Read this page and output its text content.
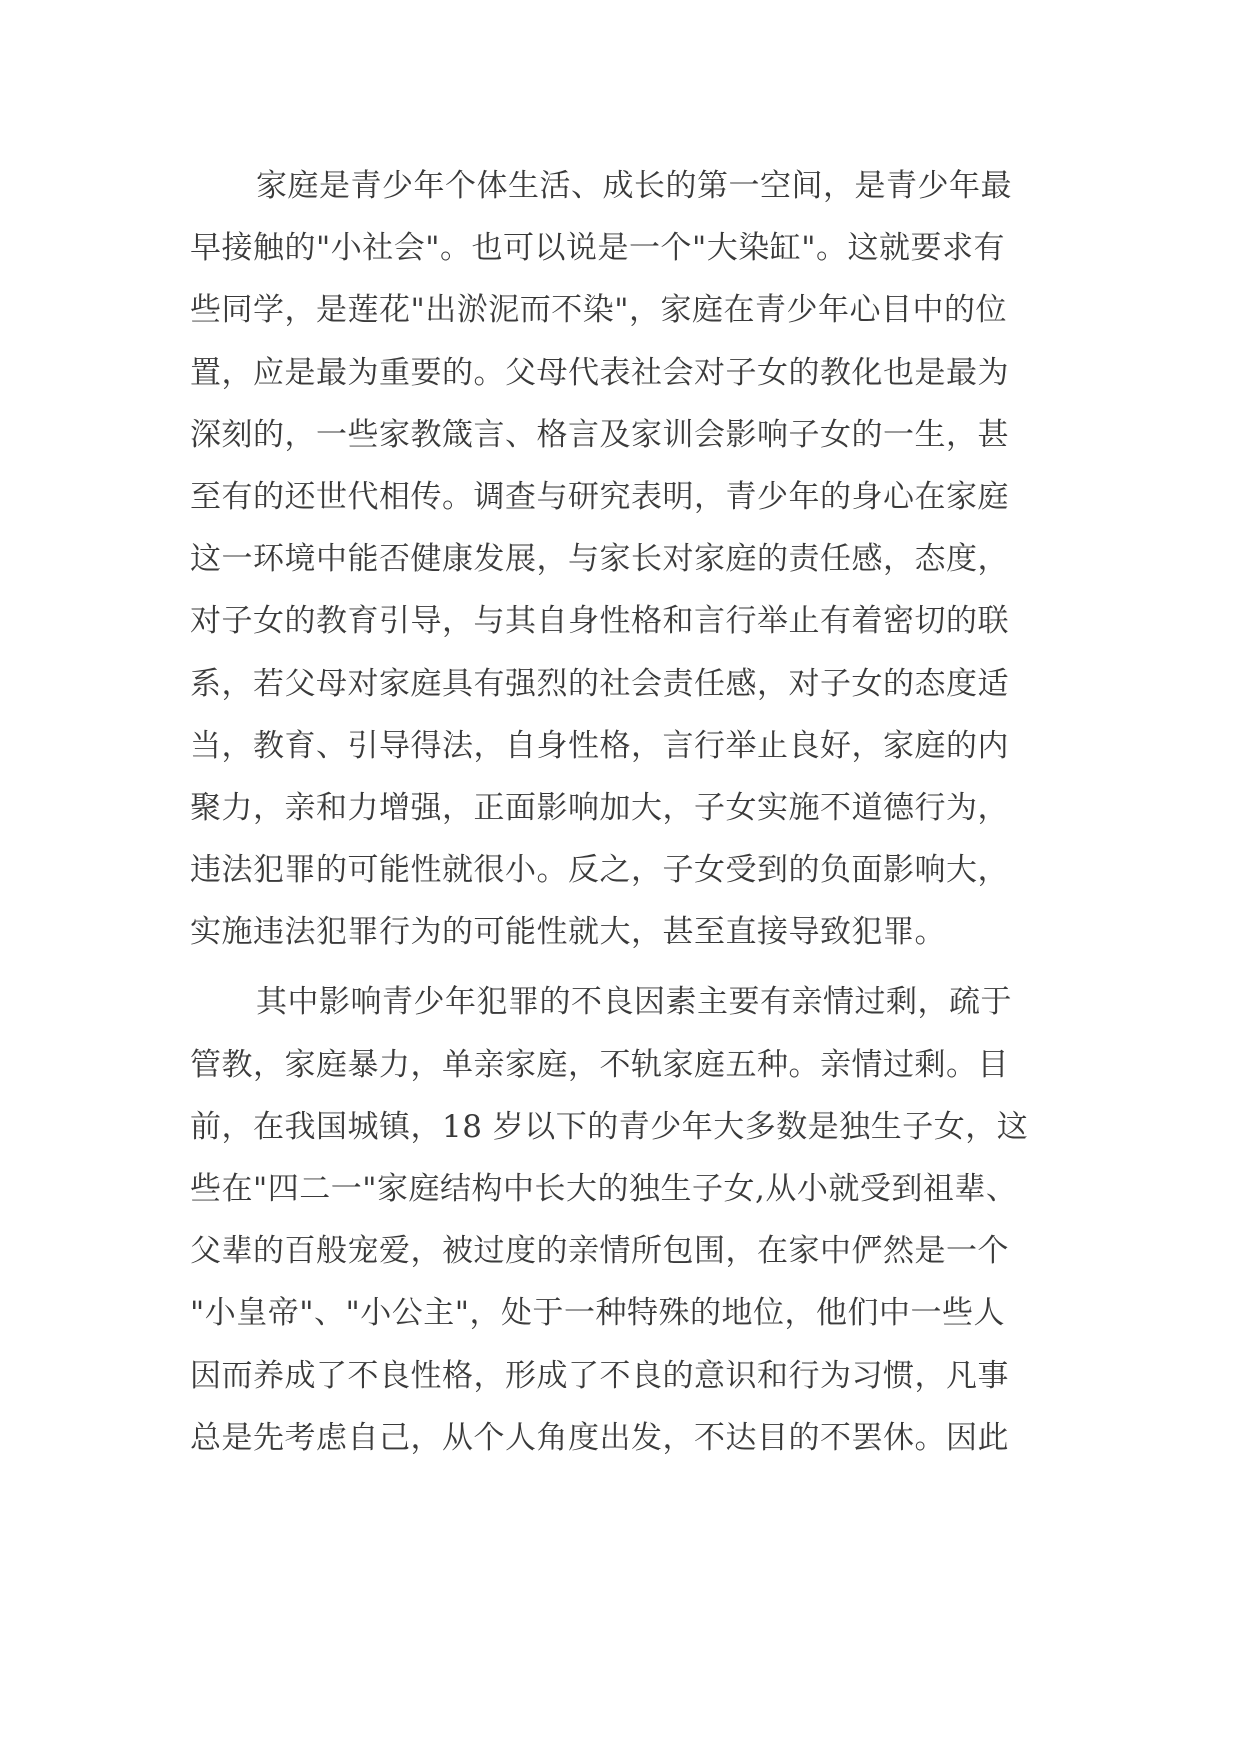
家庭是青少年个体生活、成长的第一空间，是青少年最
早接触的"小社会"。也可以说是一个"大染缸"。这就要求有
些同学，是莲花"出淤泥而不染"，家庭在青少年心目中的位
置，应是最为重要的。父母代表社会对子女的教化也是最为
深刻的，一些家教箴言、格言及家训会影响子女的一生，甚
至有的还世代相传。调查与研究表明，青少年的身心在家庭
这一环境中能否健康发展，与家长对家庭的责任感，态度，
对子女的教育引导，与其自身性格和言行举止有着密切的联
系，若父母对家庭具有强烈的社会责任感，对子女的态度适
当，教育、引导得法，自身性格，言行举止良好，家庭的内
聚力，亲和力增强，正面影响加大，子女实施不道德行为，
违法犯罪的可能性就很小。反之，子女受到的负面影响大，
实施违法犯罪行为的可能性就大，甚至直接导致犯罪。
其中影响青少年犯罪的不良因素主要有亲情过剩，疏于
管教，家庭暴力，单亲家庭，不轨家庭五种。亲情过剩。目
前，在我国城镇，18 岁以下的青少年大多数是独生子女，这
些在"四二一"家庭结构中长大的独生子女,从小就受到祖辈、
父辈的百般宠爱，被过度的亲情所包围，在家中俨然是一个
"小皇帝"、"小公主"，处于一种特殊的地位，他们中一些人
因而养成了不良性格，形成了不良的意识和行为习惯，凡事
总是先考虑自己，从个人角度出发，不达目的不罢休。因此
